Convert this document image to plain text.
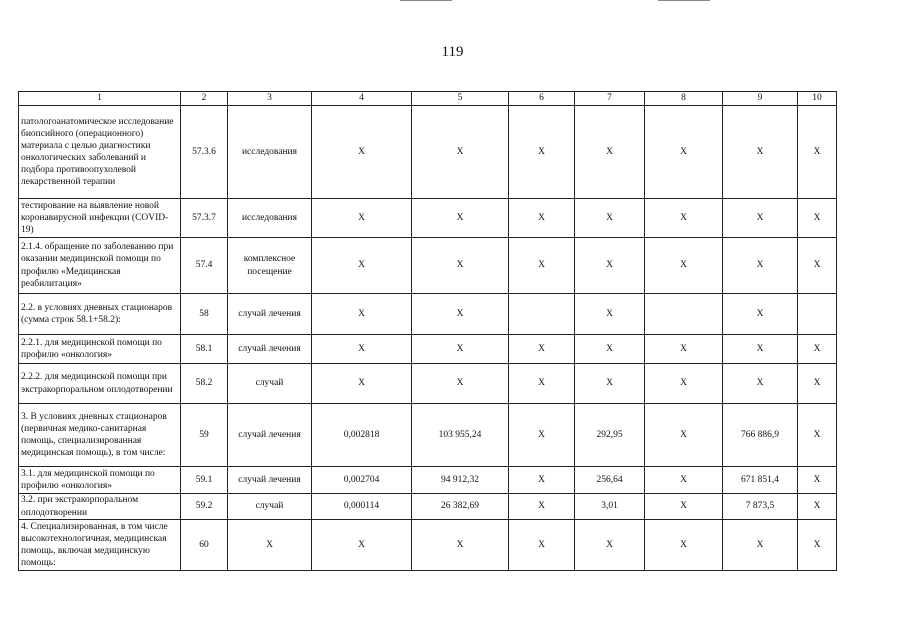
119
1	2	3	4	5	6	7	8	9	10
патологоанатомическое исследование биопсийного (операционного) материала с целью диагностики онкологических заболеваний и подбора противоопухолевой лекарственной терапии	57.3.6	исследования	X	X	X	X	X	X	X
тестирование на выявление новой коронавирусной инфекции (COVID-19)	57.3.7	исследования	X	X	X	X	X	X	X
2.1.4. обращение по заболеванию при оказании медицинской помощи по профилю «Медицинская реабилитация»	57.4	комплексное посещение	X	X	X	X	X	X	X
2.2. в условиях дневных стационаров (сумма строк 58.1+58.2):	58	случай лечения	X	X		X		X	
2.2.1. для медицинской помощи по профилю «онкология»	58.1	случай лечения	X	X	X	X	X	X	X
2.2.2. для медицинской помощи при экстракорпоральном оплодотворении	58.2	случай	X	X	X	X	X	X	X
3. В условиях дневных стационаров (первичная медико-санитарная помощь, специализированная медицинская помощь), в том числе:	59	случай лечения	0,002818	103 955,24	X	292,95	X	766 886,9	X
3.1. для медицинской помощи по профилю «онкология»	59.1	случай лечения	0,002704	94 912,32	X	256,64	X	671 851,4	X
3.2. при экстракорпоральном оплодотворении	59.2	случай	0,000114	26 382,69	X	3,01	X	7 873,5	X
4. Специализированная, в том числе высокотехнологичная, медицинская помощь, включая медицинскую помощь:	60	X	X	X	X	X	X	X	X
